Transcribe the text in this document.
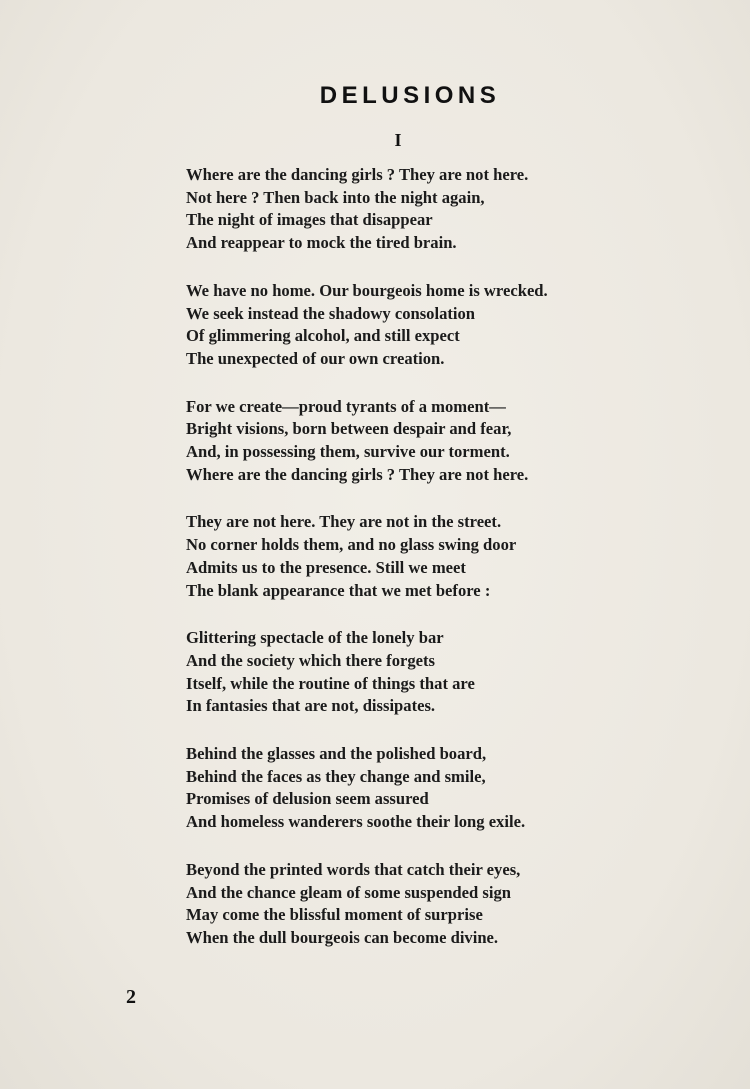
DELUSIONS
I
Where are the dancing girls ? They are not here.
Not here ? Then back into the night again,
The night of images that disappear
And reappear to mock the tired brain.
We have no home. Our bourgeois home is wrecked.
We seek instead the shadowy consolation
Of glimmering alcohol, and still expect
The unexpected of our own creation.
For we create—proud tyrants of a moment—
Bright visions, born between despair and fear,
And, in possessing them, survive our torment.
Where are the dancing girls ? They are not here.
They are not here. They are not in the street.
No corner holds them, and no glass swing door
Admits us to the presence. Still we meet
The blank appearance that we met before :
Glittering spectacle of the lonely bar
And the society which there forgets
Itself, while the routine of things that are
In fantasies that are not, dissipates.
Behind the glasses and the polished board,
Behind the faces as they change and smile,
Promises of delusion seem assured
And homeless wanderers soothe their long exile.
Beyond the printed words that catch their eyes,
And the chance gleam of some suspended sign
May come the blissful moment of surprise
When the dull bourgeois can become divine.
2
